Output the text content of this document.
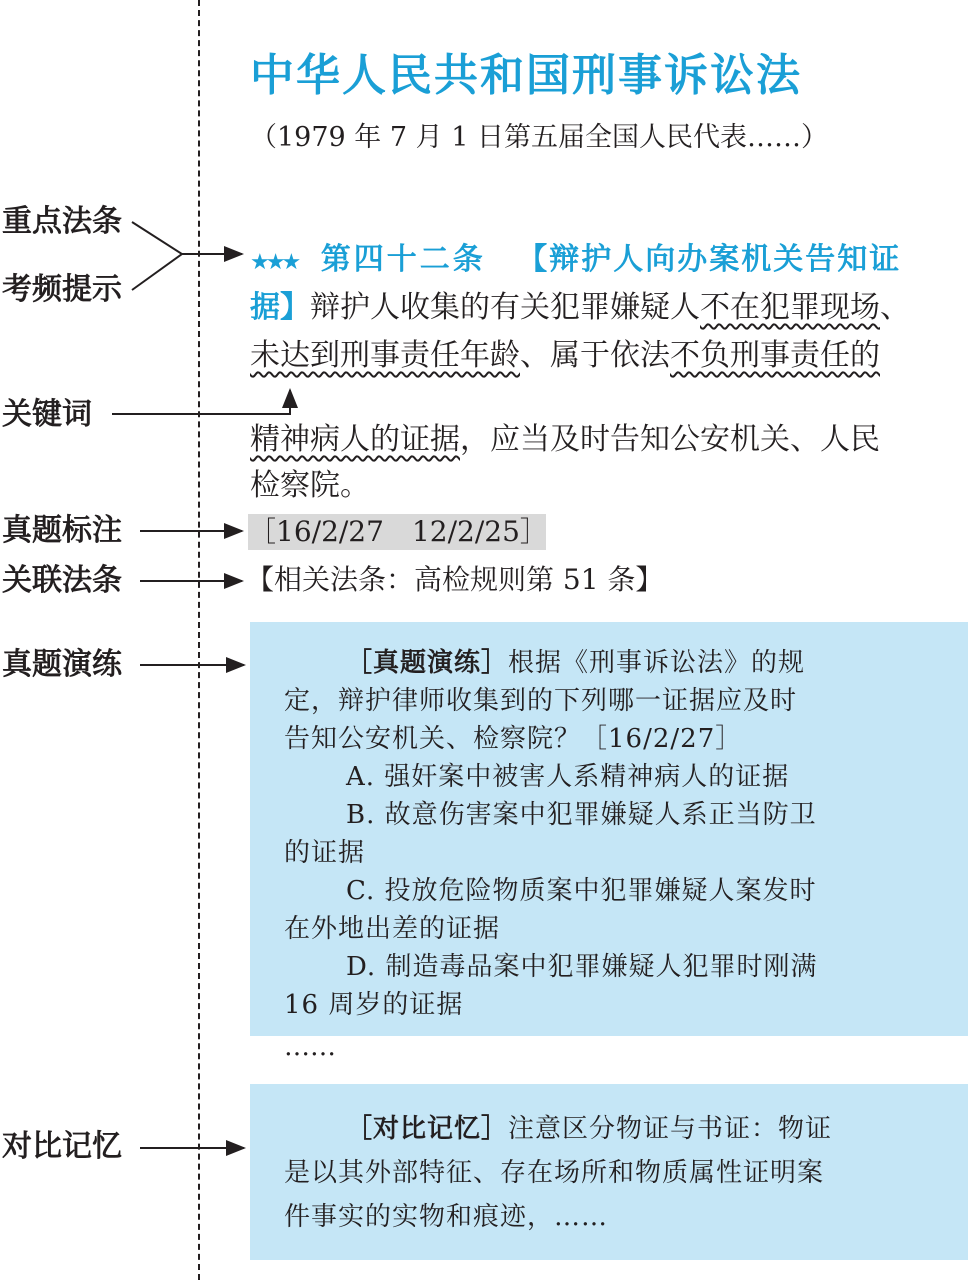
重点法条
考频提示
关键词
真题标注
关联法条
真题演练
对比记忆
中华人民共和国刑事诉讼法
（1979 年 7 月 1 日第五届全国人民代表……）
★★★ 第四十二条 【辩护人向办案机关告知证
据】辩护人收集的有关犯罪嫌疑人不在犯罪现场、
未达到刑事责任年龄、属于依法不负刑事责任的
精神病人的证据，应当及时告知公安机关、人民
检察院。
［16/2/27　12/2/25］
【相关法条：高检规则第 51 条】

［真题演练］根据《刑事诉讼法》的规

定，辩护律师收集到的下列哪一证据应及时

告知公安机关、检察院？［16/2/27］

A. 强奸案中被害人系精神病人的证据

B. 故意伤害案中犯罪嫌疑人系正当防卫

的证据

C. 投放危险物质案中犯罪嫌疑人案发时

在外地出差的证据

D. 制造毒品案中犯罪嫌疑人犯罪时刚满

16 周岁的证据

……

［对比记忆］注意区分物证与书证：物证

是以其外部特征、存在场所和物质属性证明案

件事实的实物和痕迹，……
